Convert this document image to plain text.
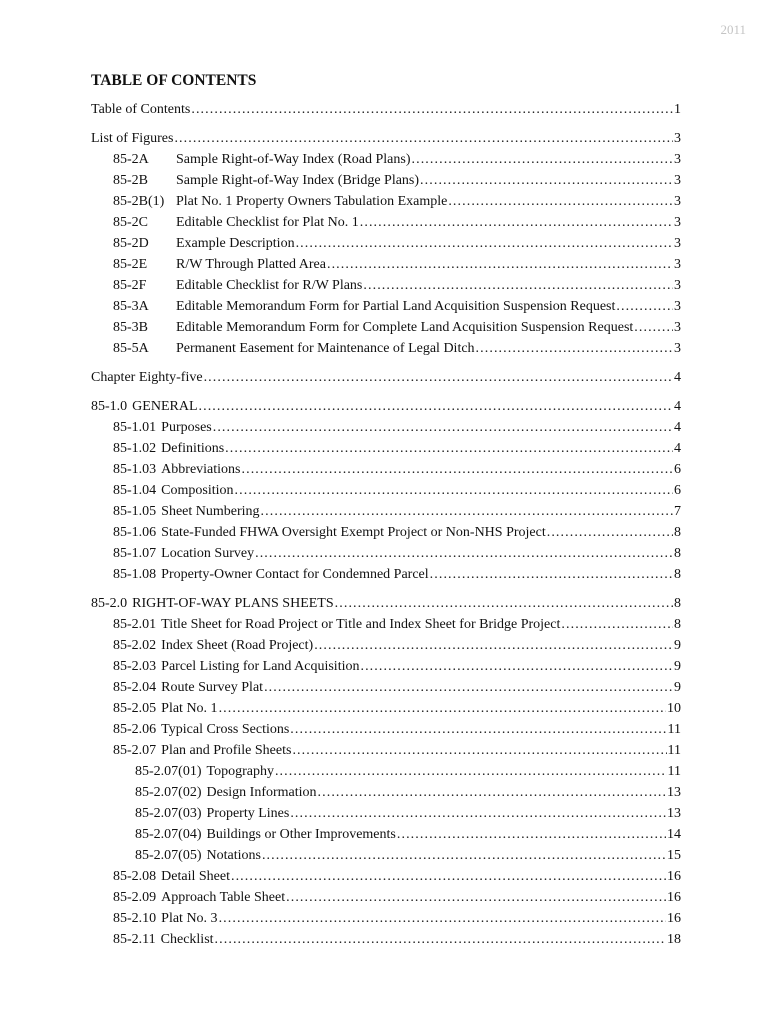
2011
TABLE OF CONTENTS
Table of Contents . . .	1
List of Figures . . .	3
85-2A	Sample Right-of-Way Index (Road Plans) . . .	3
85-2B	Sample Right-of-Way Index (Bridge Plans) . . .	3
85-2B(1) Plat No. 1 Property Owners Tabulation Example . . .	3
85-2C	Editable Checklist for Plat No. 1 . . .	3
85-2D	Example Description . . .	3
85-2E	R/W Through Platted Area . . .	3
85-2F	Editable Checklist for R/W Plans . . .	3
85-3A	Editable Memorandum Form for Partial Land Acquisition Suspension Request . . .	3
85-3B	Editable Memorandum Form for Complete Land Acquisition Suspension Request . . .	3
85-5A	Permanent Easement for Maintenance of Legal Ditch . . .	3
Chapter Eighty-five . . .	4
85-1.0 GENERAL . . .	4
85-1.01 Purposes . . .	4
85-1.02 Definitions . . .	4
85-1.03 Abbreviations . . .	6
85-1.04 Composition . . .	6
85-1.05 Sheet Numbering . . .	7
85-1.06 State-Funded FHWA Oversight Exempt Project or Non-NHS Project . . .	8
85-1.07 Location Survey . . .	8
85-1.08 Property-Owner Contact for Condemned Parcel . . .	8
85-2.0 RIGHT-OF-WAY PLANS SHEETS . . .	8
85-2.01 Title Sheet for Road Project or Title and Index Sheet for Bridge Project . . .	8
85-2.02 Index Sheet (Road Project) . . .	9
85-2.03 Parcel Listing for Land Acquisition . . .	9
85-2.04 Route Survey Plat . . .	9
85-2.05 Plat No. 1 . . .	10
85-2.06 Typical Cross Sections . . .	11
85-2.07 Plan and Profile Sheets . . .	11
85-2.07(01) Topography . . .	11
85-2.07(02) Design Information . . .	13
85-2.07(03) Property Lines . . .	13
85-2.07(04) Buildings or Other Improvements . . .	14
85-2.07(05) Notations . . .	15
85-2.08 Detail Sheet . . .	16
85-2.09 Approach Table Sheet . . .	16
85-2.10 Plat No. 3 . . .	16
85-2.11 Checklist . . .	18
